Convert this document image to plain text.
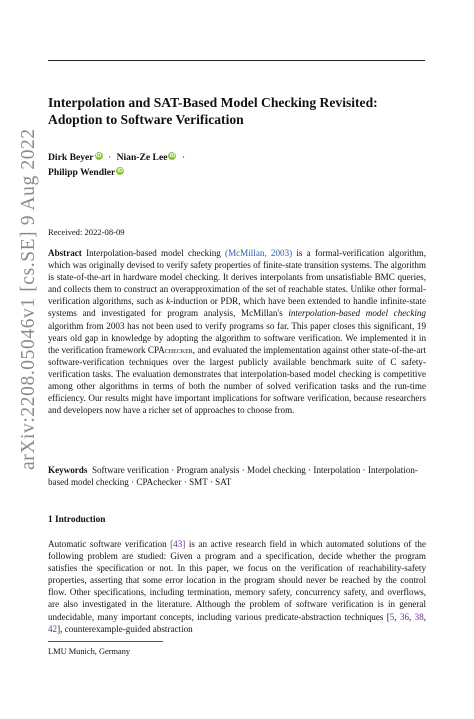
arXiv:2208.05046v1 [cs.SE] 9 Aug 2022
Interpolation and SAT-Based Model Checking Revisited:
Adoption to Software Verification
Dirk Beyer iD · Nian-Ze Lee iD ·
Philipp Wendler iD
Received: 2022-08-09
Abstract Interpolation-based model checking (McMillan, 2003) is a formal-verification algorithm, which was originally devised to verify safety properties of finite-state transition systems. The algorithm is state-of-the-art in hardware model checking. It derives interpolants from unsatisfiable BMC queries, and collects them to construct an overapproximation of the set of reachable states. Unlike other formal-verification algorithms, such as k-induction or PDR, which have been extended to handle infinite-state systems and investigated for program analysis, McMillan's interpolation-based model checking algorithm from 2003 has not been used to verify programs so far. This paper closes this significant, 19 years old gap in knowledge by adopting the algorithm to software verification. We implemented it in the verification framework CPAchecker, and evaluated the implementation against other state-of-the-art software-verification techniques over the largest publicly available benchmark suite of C safety-verification tasks. The evaluation demonstrates that interpolation-based model checking is competitive among other algorithms in terms of both the number of solved verification tasks and the run-time efficiency. Our results might have important implications for software verification, because researchers and developers now have a richer set of approaches to choose from.
Keywords Software verification · Program analysis · Model checking · Interpolation · Interpolation-based model checking · CPAchecker · SMT · SAT
1 Introduction
Automatic software verification [43] is an active research field in which automated solutions of the following problem are studied: Given a program and a specification, decide whether the program satisfies the specification or not. In this paper, we focus on the verification of reachability-safety properties, asserting that some error location in the program should never be reached by the control flow. Other specifications, including termination, memory safety, concurrency safety, and overflows, are also investigated in the literature. Although the problem of software verification is in general undecidable, many important concepts, including various predicate-abstraction techniques [5, 36, 38, 42], counterexample-guided abstraction
LMU Munich, Germany
